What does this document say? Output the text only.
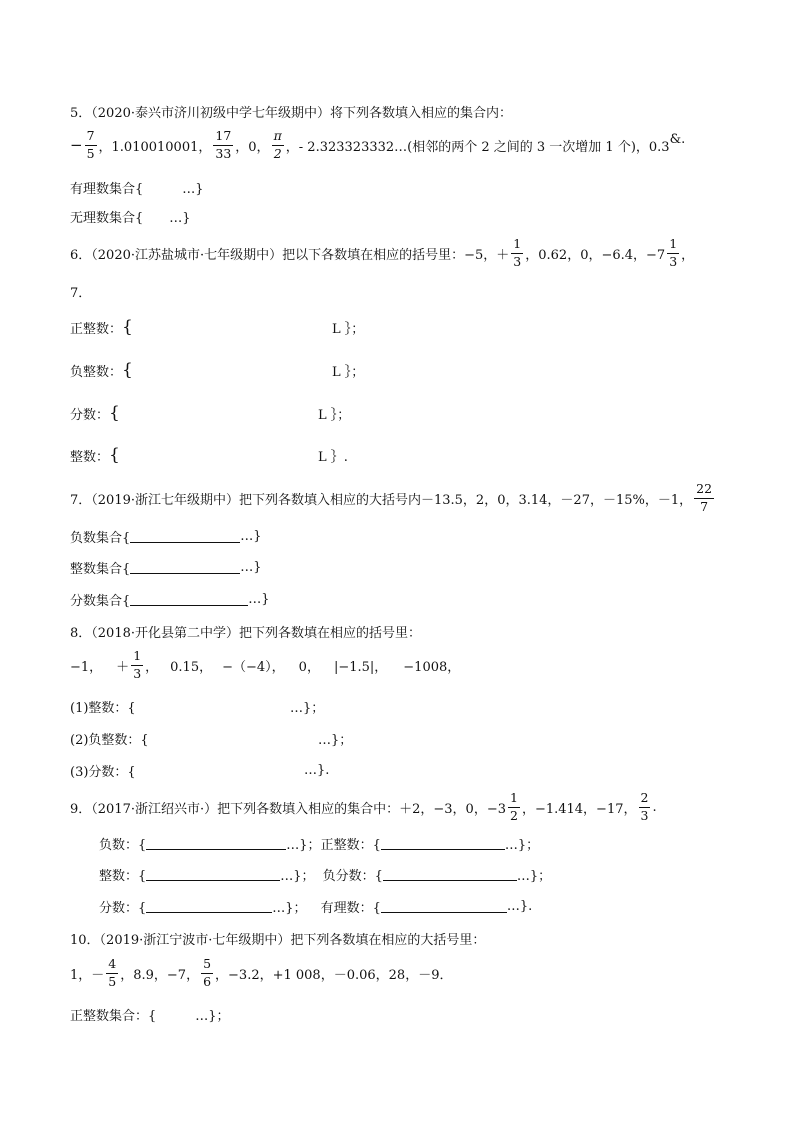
5．（2020·泰兴市济川初级中学七年级期中）将下列各数填入相应的集合内：
− $\frac{7}{5}$ ，1.010010001， $\frac{17}{33}$ ，0， $\frac{\pi}{2}$ ，- 2.323323332…(相邻的两个 2 之间的 3 一次增加 1 个)，0.3
&.
有理数集合{　　　…}
无理数集合{　　…}
6．（2020·江苏盐城市·七年级期中）把以下各数填在相应的括号里：−5，＋ $\frac{1}{3}$ ，0.62，0，−6.4，$-7 \frac{1}{3}$ ，
7．
正整数： {	L ｝；
负整数： {	L ｝；
分数： {	L ｝；
整数： {	L ｝.
7．（2019·浙江七年级期中）把下列各数填入相应的大括号内－13.5，2，0，3.14，－27，－15%，－1， $\frac{22}{7}$
负数集合{	…}
整数集合{	…}
分数集合{	…}
8．（2018·开化县第二中学）把下列各数填在相应的括号里：
−1， ＋ $\frac{1}{3}$ ， 0.15， −（−4）， 0， |−1.5|， −1008，
(1)整数：{	…}；
(2)负整数：{	…}；
(3)分数：{	…}.
9．（2017·浙江绍兴市·）把下列各数填入相应的集合中：＋2，−3，0，$-3 \frac{1}{2}$ ，−1.414，−17， $\frac{2}{3}$ .
负数：{	…}； 正整数：{	…}；
整数：{	…}； 负分数：{	…}；
分数：{	…}； 有理数：{	…}.
10．（2019·浙江宁波市·七年级期中）把下列各数填在相应的大括号里：
1，－ $\frac{4}{5}$ ，8.9，−7， $\frac{5}{6}$ ，−3.2，+1 008，－0.06，28，－9．
正整数集合：{　　　…}；
